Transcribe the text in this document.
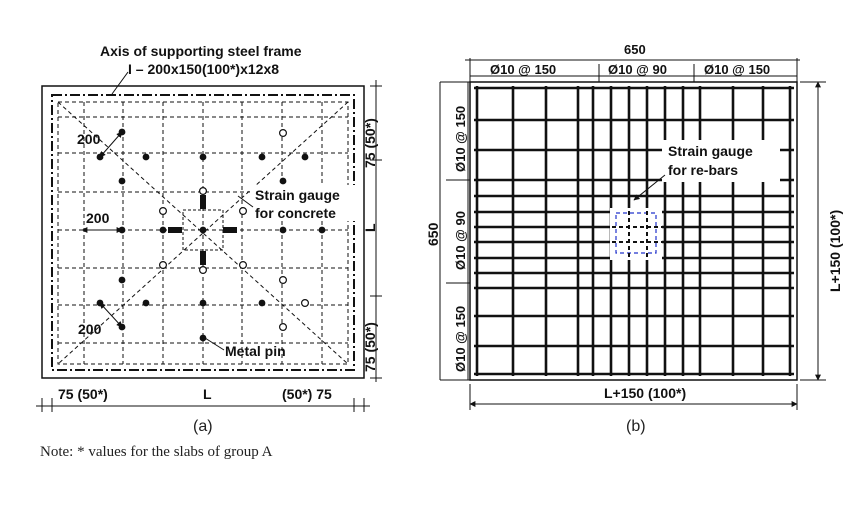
Axis of supporting steel frame
I – 200x150(100*)x12x8
200
200
200
Strain gauge
for concrete
Metal pin
75 (50*)
L
75 (50*)
75 (50*)	L	(50*) 75
(a)
Strain gauge
for re-bars
650
Ø10 @ 150	Ø10 @ 90	Ø10 @ 150
650
Ø10 @ 150
Ø10 @ 90
Ø10 @ 150
L+150 (100*)
L+150 (100*)
(b)
Note: * values for the slabs of group A
